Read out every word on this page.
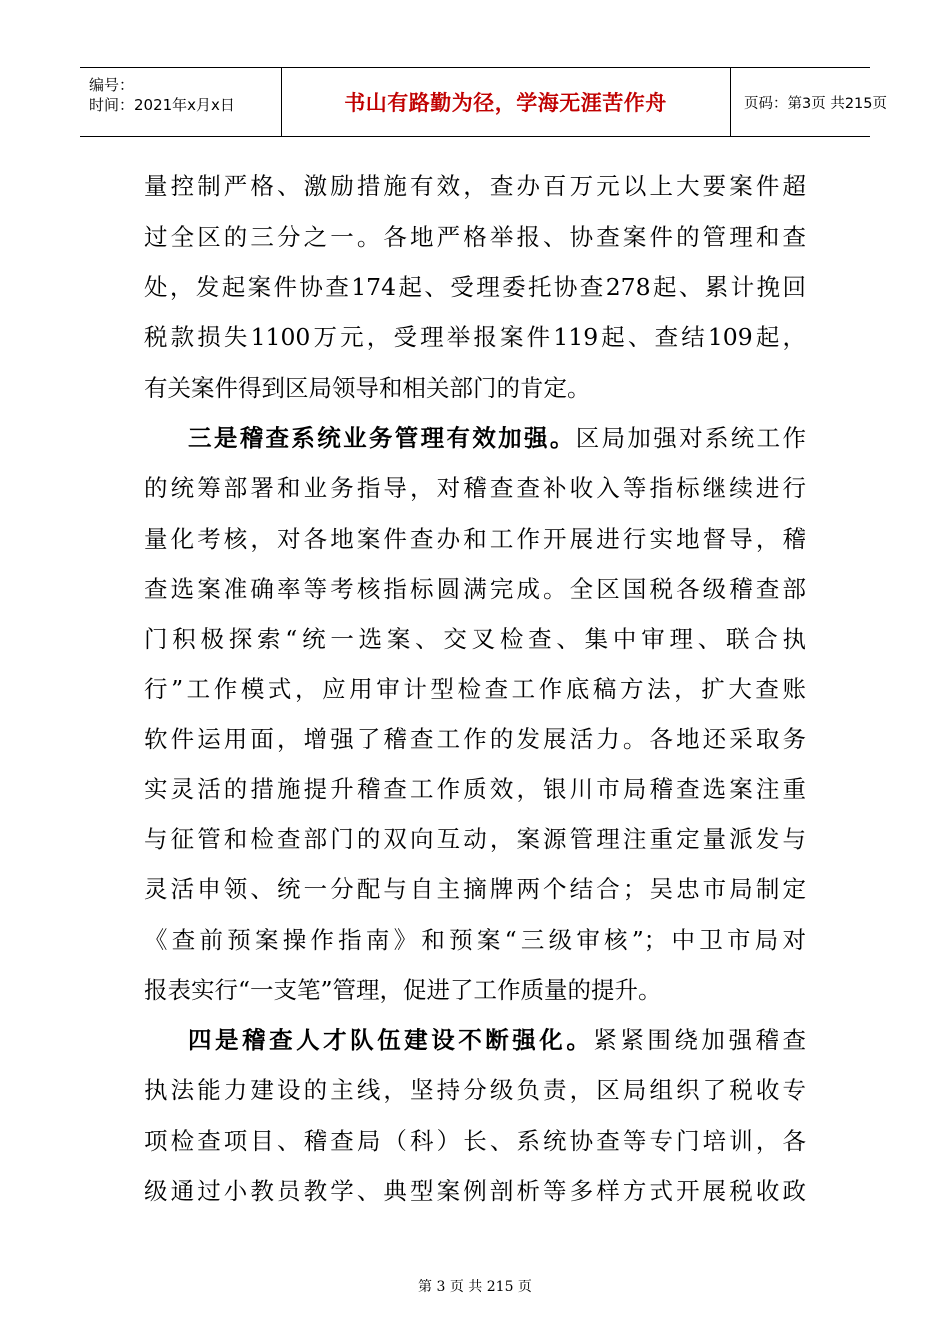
编号：
时间：2021年x月x日	书山有路勤为径，学海无涯苦作舟	页码：第3页 共215页
量控制严格、激励措施有效，查办百万元以上大要案件超
过全区的三分之一。各地严格举报、协查案件的管理和查
处，发起案件协查174起、受理委托协查278起、累计挽回
税款损失1100万元，受理举报案件119起、查结109起，
有关案件得到区局领导和相关部门的肯定。
三是稽查系统业务管理有效加强。区局加强对系统工作
的统筹部署和业务指导，对稽查查补收入等指标继续进行
量化考核，对各地案件查办和工作开展进行实地督导，稽
查选案准确率等考核指标圆满完成。全区国税各级稽查部
门积极探索“统一选案、交叉检查、集中审理、联合执
行”工作模式，应用审计型检查工作底稿方法，扩大查账
软件运用面，增强了稽查工作的发展活力。各地还采取务
实灵活的措施提升稽查工作质效，银川市局稽查选案注重
与征管和检查部门的双向互动，案源管理注重定量派发与
灵活申领、统一分配与自主摘牌两个结合；吴忠市局制定
《查前预案操作指南》和预案“三级审核”；中卫市局对
报表实行“一支笔”管理，促进了工作质量的提升。
四是稽查人才队伍建设不断强化。紧紧围绕加强稽查
执法能力建设的主线，坚持分级负责，区局组织了税收专
项检查项目、稽查局（科）长、系统协查等专门培训，各
级通过小教员教学、典型案例剖析等多样方式开展税收政
第 3 页 共 215 页
